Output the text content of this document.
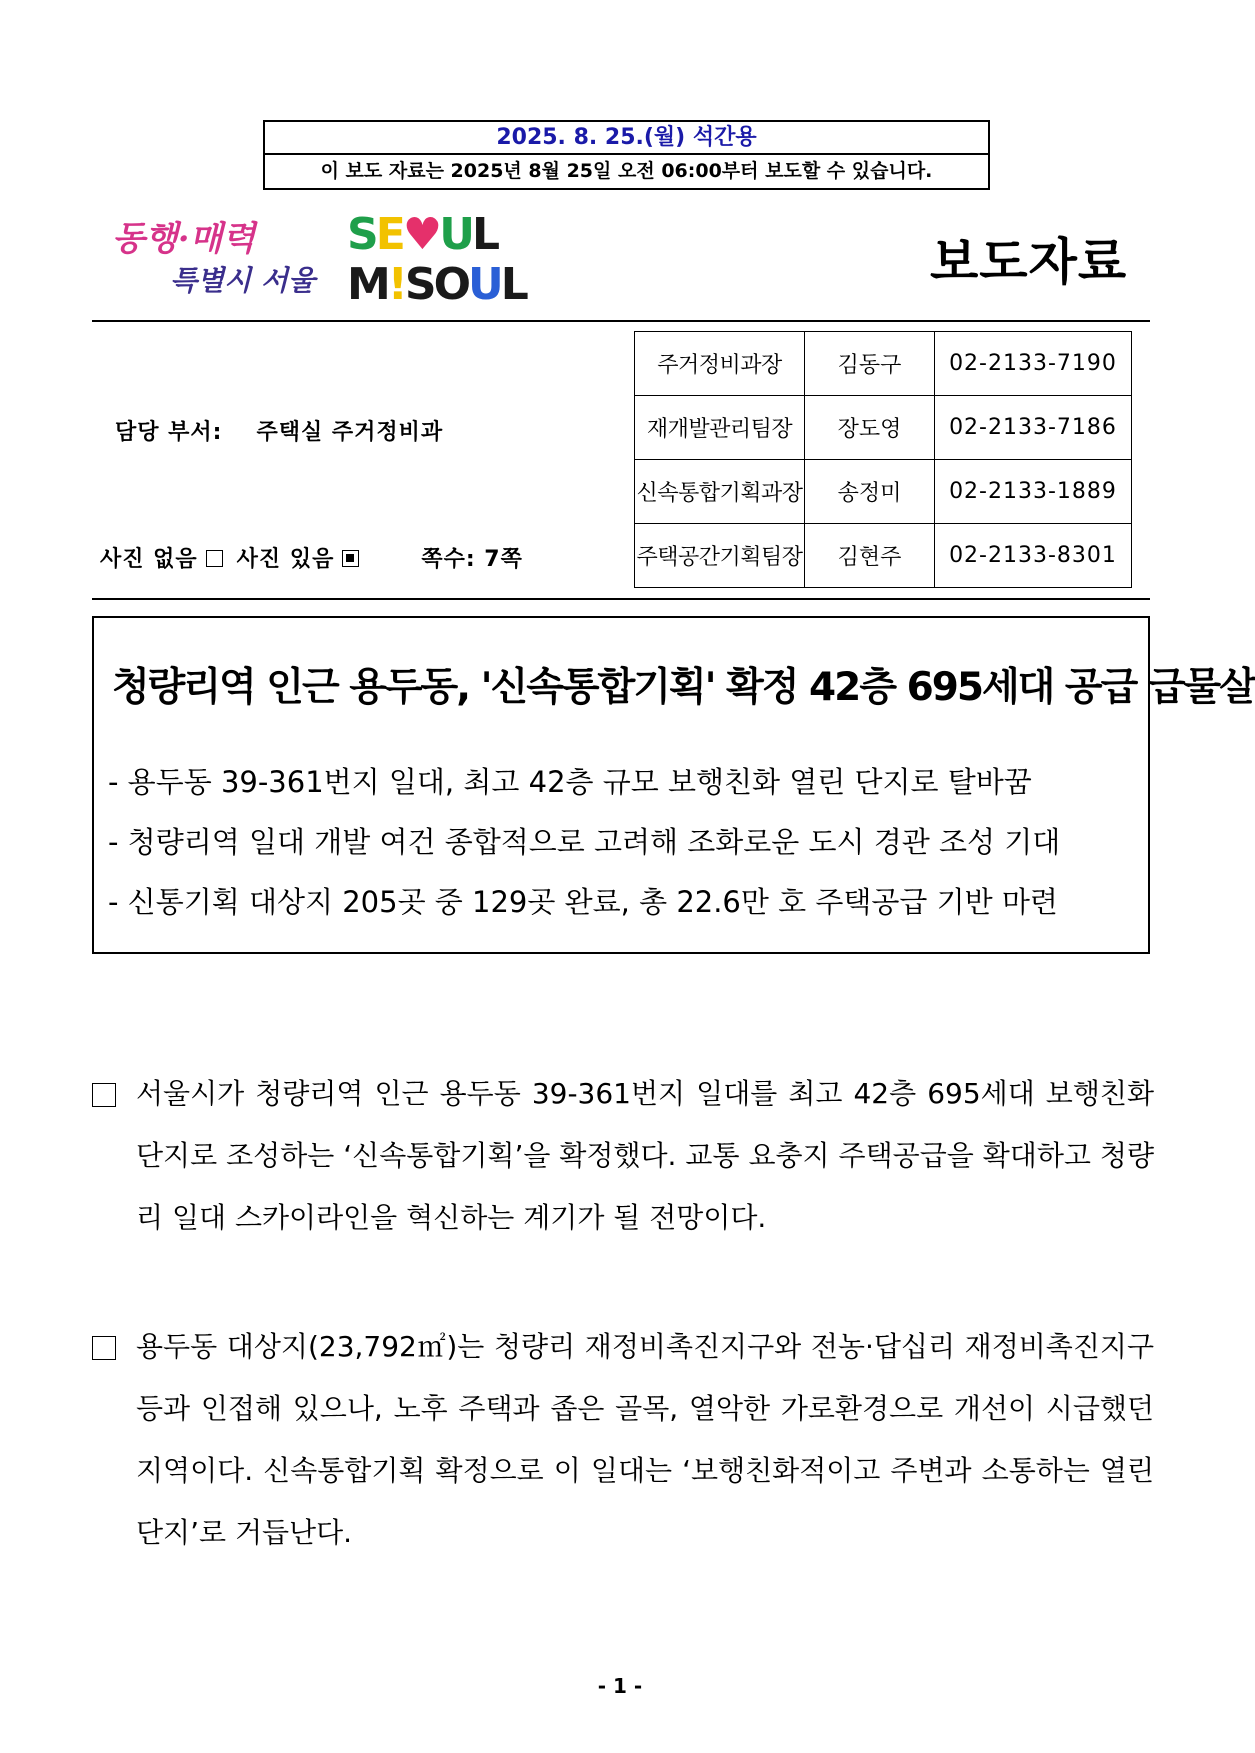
2025. 8. 25.(월) 석간용
이 보도 자료는 2025년 8월 25일 오전 06:00부터 보도할 수 있습니다.
동행·매력
특별시 서울
SE♥UL
M!SOUL	보도자료
담당 부서: 주택실 주거정비과
사진 없음 사진 있음	쪽수: 7쪽
주거정비과장	김동구	02-2133-7190
재개발관리팀장	장도영	02-2133-7186
신속통합기획과장	송정미	02-2133-1889
주택공간기획팀장	김현주	02-2133-8301
청량리역 인근 용두동, '신속통합기획' 확정 42층 695세대 공급 급물살
- 용두동 39-361번지 일대, 최고 42층 규모 보행친화 열린 단지로 탈바꿈
- 청량리역 일대 개발 여건 종합적으로 고려해 조화로운 도시 경관 조성 기대
- 신통기획 대상지 205곳 중 129곳 완료, 총 22.6만 호 주택공급 기반 마련
서울시가 청량리역 인근 용두동 39-361번지 일대를 최고 42층 695세대 보행친화 단지로 조성하는 ‘신속통합기획’을 확정했다. 교통 요충지 주택공급을 확대하고 청량리 일대 스카이라인을 혁신하는 계기가 될 전망이다.
용두동 대상지(23,792㎡)는 청량리 재정비촉진지구와 전농·답십리 재정비촉진지구 등과 인접해 있으나, 노후 주택과 좁은 골목, 열악한 가로환경으로 개선이 시급했던 지역이다. 신속통합기획 확정으로 이 일대는 ‘보행친화적이고 주변과 소통하는 열린 단지’로 거듭난다.
- 1 -
